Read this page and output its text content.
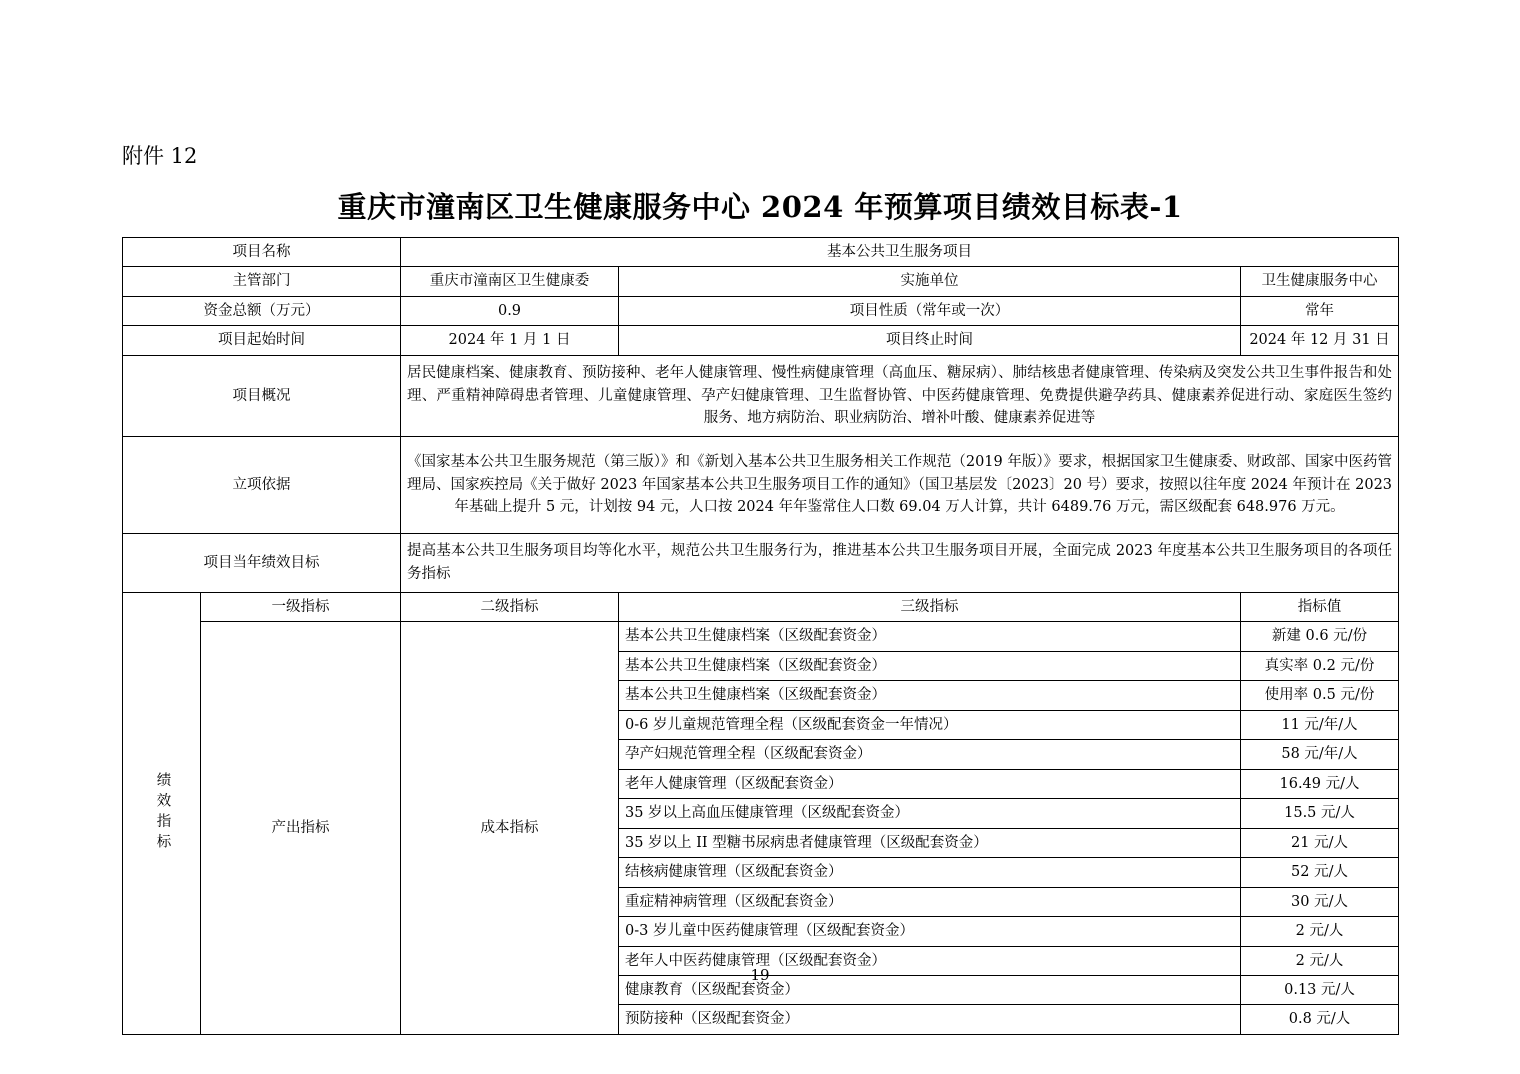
附件 12
重庆市潼南区卫生健康服务中心 2024 年预算项目绩效目标表-1
项目名称		基本公共卫生服务项目		
主管部门		重庆市潼南区卫生健康委	实施单位	卫生健康服务中心
资金总额（万元）		0.9	项目性质（常年或一次）	常年
项目起始时间		2024 年 1 月 1 日	项目终止时间	2024 年 12 月 31 日
项目概况		居民健康档案、健康教育、预防接种、老年人健康管理、慢性病健康管理（高血压、糖尿病）、肺结核患者健康管理、传染病及突发公共卫生事件报告和处理、严重精神障碍患者管理、儿童健康管理、孕产妇健康管理、卫生监督协管、中医药健康管理、免费提供避孕药具、健康素养促进行动、家庭医生签约服务、地方病防治、职业病防治、增补叶酸、健康素养促进等		
立项依据		《国家基本公共卫生服务规范（第三版）》和《新划入基本公共卫生服务相关工作规范（2019 年版）》要求，根据国家卫生健康委、财政部、国家中医药管理局、国家疾控局《关于做好 2023 年国家基本公共卫生服务项目工作的通知》（国卫基层发〔2023〕20 号）要求，按照以往年度 2024 年预计在 2023 年基础上提升 5 元，计划按 94 元，人口按 2024 年年鉴常住人口数 69.04 万人计算，共计 6489.76 万元，需区级配套 648.976 万元。		
项目当年绩效目标		提高基本公共卫生服务项目均等化水平，规范公共卫生服务行为，推进基本公共卫生服务项目开展，全面完成 2023 年度基本公共卫生服务项目的各项任务指标		

绩效指标	一级指标	二级指标	三级指标	指标值
	产出指标	成本指标	基本公共卫生健康档案（区级配套资金）	新建 0.6 元/份
			基本公共卫生健康档案（区级配套资金）	真实率 0.2 元/份
			基本公共卫生健康档案（区级配套资金）	使用率 0.5 元/份
			0-6 岁儿童规范管理全程（区级配套资金一年情况）	11 元/年/人
			孕产妇规范管理全程（区级配套资金）	58 元/年/人
			老年人健康管理（区级配套资金）	16.49 元/人
			35 岁以上高血压健康管理（区级配套资金）	15.5 元/人
			35 岁以上 II 型糖书尿病患者健康管理（区级配套资金）	21 元/人
			结核病健康管理（区级配套资金）	52 元/人
			重症精神病管理（区级配套资金）	30 元/人
			0-3 岁儿童中医药健康管理（区级配套资金）	2 元/人
			老年人中医药健康管理（区级配套资金）	2 元/人
			健康教育（区级配套资金）	0.13 元/人
			预防接种（区级配套资金）	0.8 元/人
19
